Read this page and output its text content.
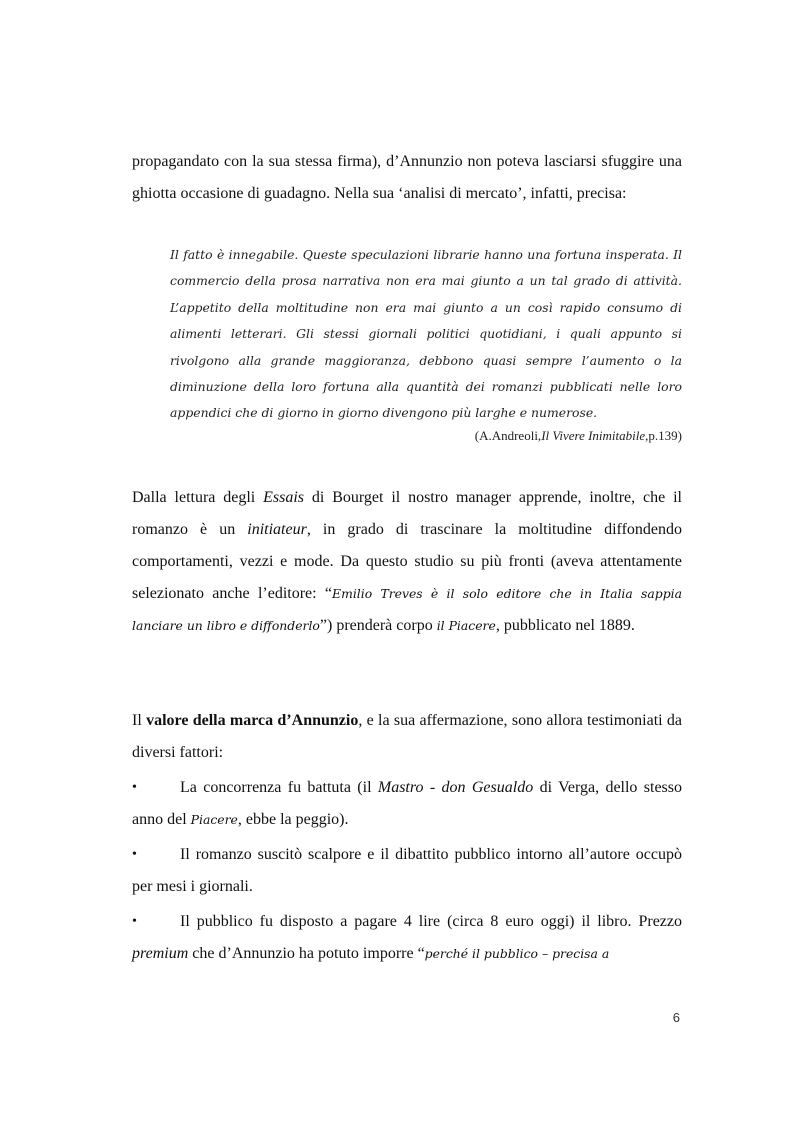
propagandato con la sua stessa firma), d’Annunzio non poteva lasciarsi sfuggire una ghiotta occasione di guadagno. Nella sua ‘analisi di mercato’, infatti, precisa:

Il fatto è innegabile. Queste speculazioni librarie hanno una fortuna insperata. Il commercio della prosa narrativa non era mai giunto a un tal grado di attività. L’appetito della moltitudine non era mai giunto a un così rapido consumo di alimenti letterari. Gli stessi giornali politici quotidiani, i quali appunto si rivolgono alla grande maggioranza, debbono quasi sempre l’aumento o la diminuzione della loro fortuna alla quantità dei romanzi pubblicati nelle loro appendici che di giorno in giorno divengono più larghe e numerose.

(A.Andreoli,Il Vivere Inimitabile,p.139)

Dalla lettura degli Essais di Bourget il nostro manager apprende, inoltre, che il romanzo è un initiateur, in grado di trascinare la moltitudine diffondendo comportamenti, vezzi e mode. Da questo studio su più fronti (aveva attentamente selezionato anche l’editore: “Emilio Treves è il solo editore che in Italia sappia lanciare un libro e diffonderlo”) prenderà corpo il Piacere, pubblicato nel 1889.

Il valore della marca d’Annunzio, e la sua affermazione, sono allora testimoniati da diversi fattori:

•	La concorrenza fu battuta (il Mastro - don Gesualdo di Verga, dello stesso anno del Piacere, ebbe la peggio).
•	Il romanzo suscitò scalpore e il dibattito pubblico intorno all’autore occupò per mesi i giornali.
•	Il pubblico fu disposto a pagare 4 lire (circa 8 euro oggi) il libro. Prezzo premium che d’Annunzio ha potuto imporre “perché il pubblico – precisa a
6
